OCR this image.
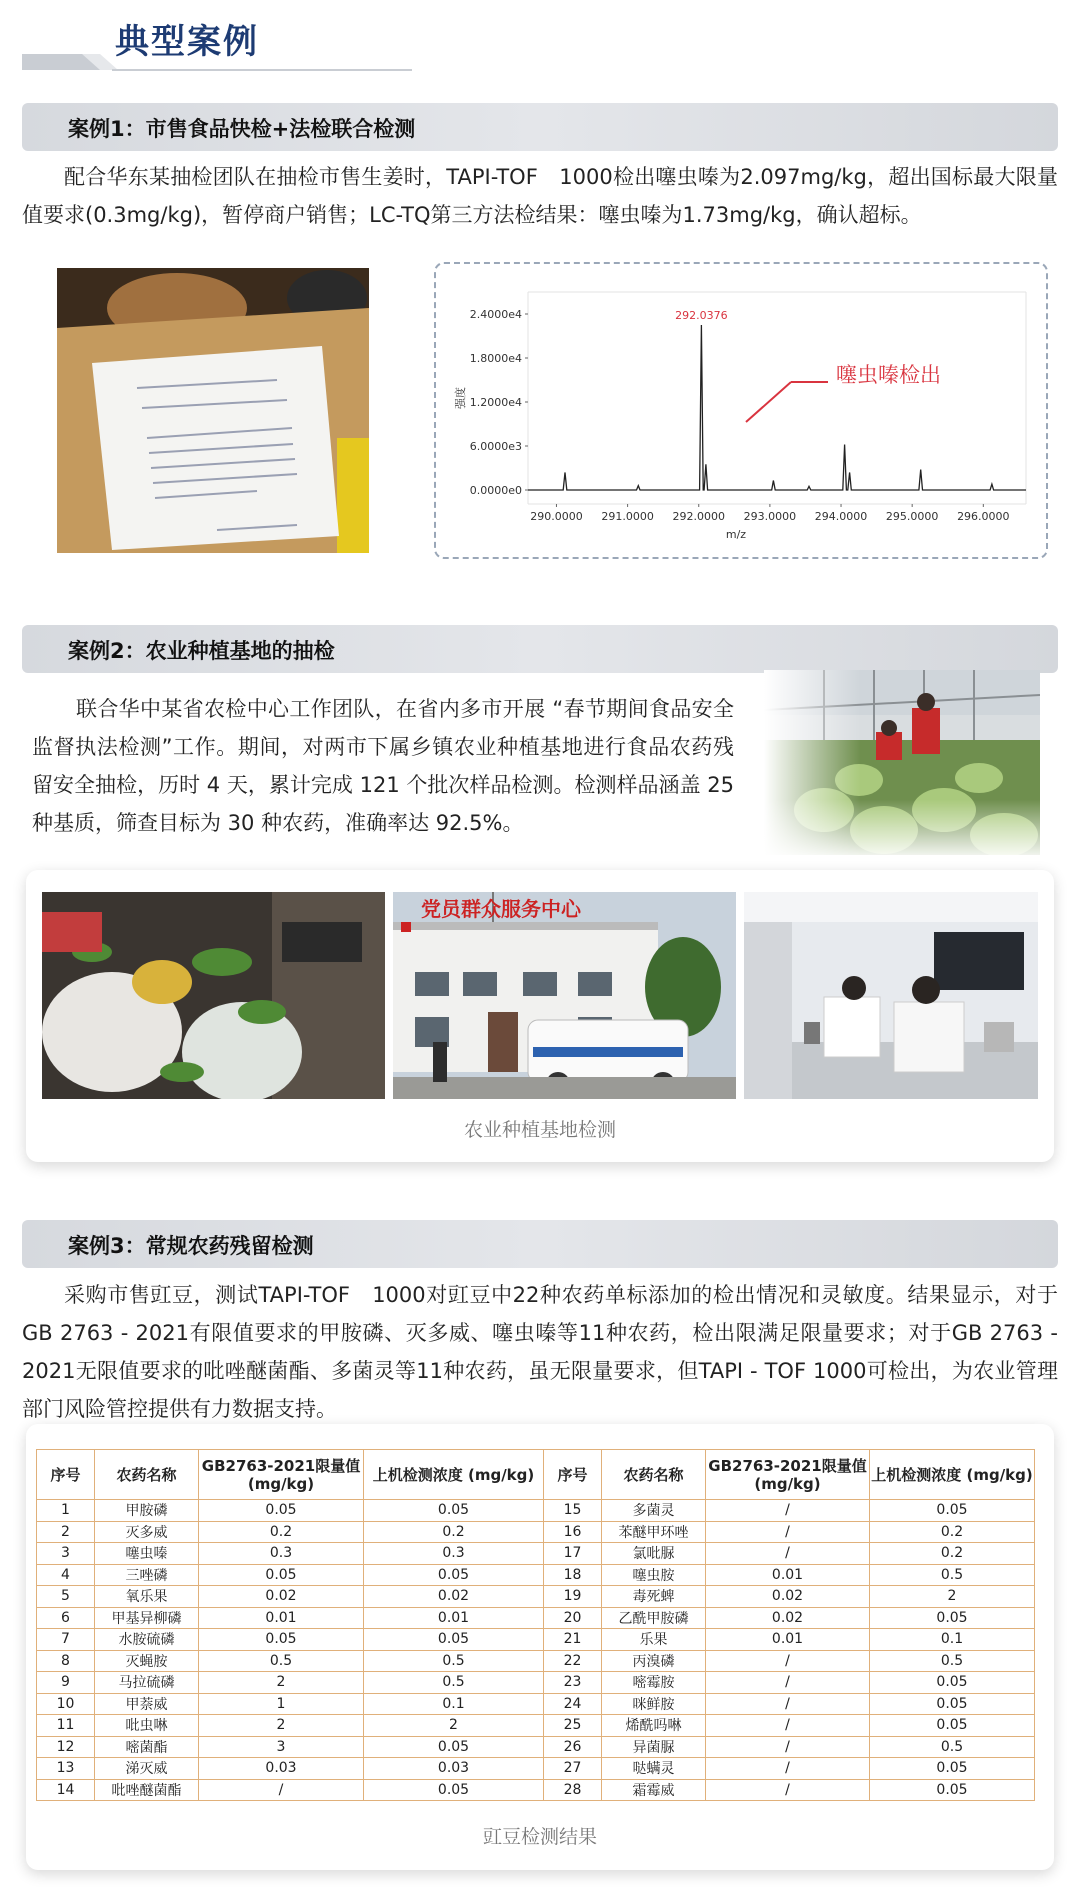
典型案例
案例1：市售食品快检+法检联合检测
配合华东某抽检团队在抽检市售生姜时，TAPI-TOF　1000检出噻虫嗪为2.097mg/kg，超出国标最大限量值要求(0.3mg/kg)，暂停商户销售；LC-TQ第三方法检结果：噻虫嗪为1.73mg/kg，确认超标。
0.0000e0
6.0000e3
1.2000e4
1.8000e4
2.4000e4
290.0000 291.0000 292.0000 293.0000 294.0000 295.0000 296.0000
292.0376
噻虫嗪检出
强度
m/z
案例2：农业种植基地的抽检
联合华中某省农检中心工作团队，在省内多市开展 “春节期间食品安全监督执法检测”工作。期间，对两市下属乡镇农业种植基地进行食品农药残留安全抽检，历时 4 天，累计完成 121 个批次样品检测。检测样品涵盖 25 种基质，筛查目标为 30 种农药，准确率达 92.5%。
党员群众服务中心
农业种植基地检测
案例3：常规农药残留检测
采购市售豇豆，测试TAPI-TOF　1000对豇豆中22种农药单标添加的检出情况和灵敏度。结果显示，对于GB 2763 - 2021有限值要求的甲胺磷、灭多威、噻虫嗪等11种农药，检出限满足限量要求；对于GB 2763 - 2021无限值要求的吡唑醚菌酯、多菌灵等11种农药，虽无限量要求，但TAPI - TOF 1000可检出，为农业管理部门风险管控提供有力数据支持。
豇豆检测结果
序号	农药名称	GB2763-2021限量值 (mg/kg)	上机检测浓度 (mg/kg)	序号	农药名称	GB2763-2021限量值 (mg/kg)	上机检测浓度 (mg/kg)
1	甲胺磷	0.05	0.05	15	多菌灵	/	0.05
2	灭多威	0.2	0.2	16	苯醚甲环唑	/	0.2
3	噻虫嗪	0.3	0.3	17	氯吡脲	/	0.2
4	三唑磷	0.05	0.05	18	噻虫胺	0.01	0.5
5	氧乐果	0.02	0.02	19	毒死蜱	0.02	2
6	甲基异柳磷	0.01	0.01	20	乙酰甲胺磷	0.02	0.05
7	水胺硫磷	0.05	0.05	21	乐果	0.01	0.1
8	灭蝇胺	0.5	0.5	22	丙溴磷	/	0.5
9	马拉硫磷	2	0.5	23	嘧霉胺	/	0.05
10	甲萘威	1	0.1	24	咪鲜胺	/	0.05
11	吡虫啉	2	2	25	烯酰吗啉	/	0.05
12	嘧菌酯	3	0.05	26	异菌脲	/	0.5
13	涕灭威	0.03	0.03	27	哒螨灵	/	0.05
14	吡唑醚菌酯	/	0.05	28	霜霉威	/	0.05
